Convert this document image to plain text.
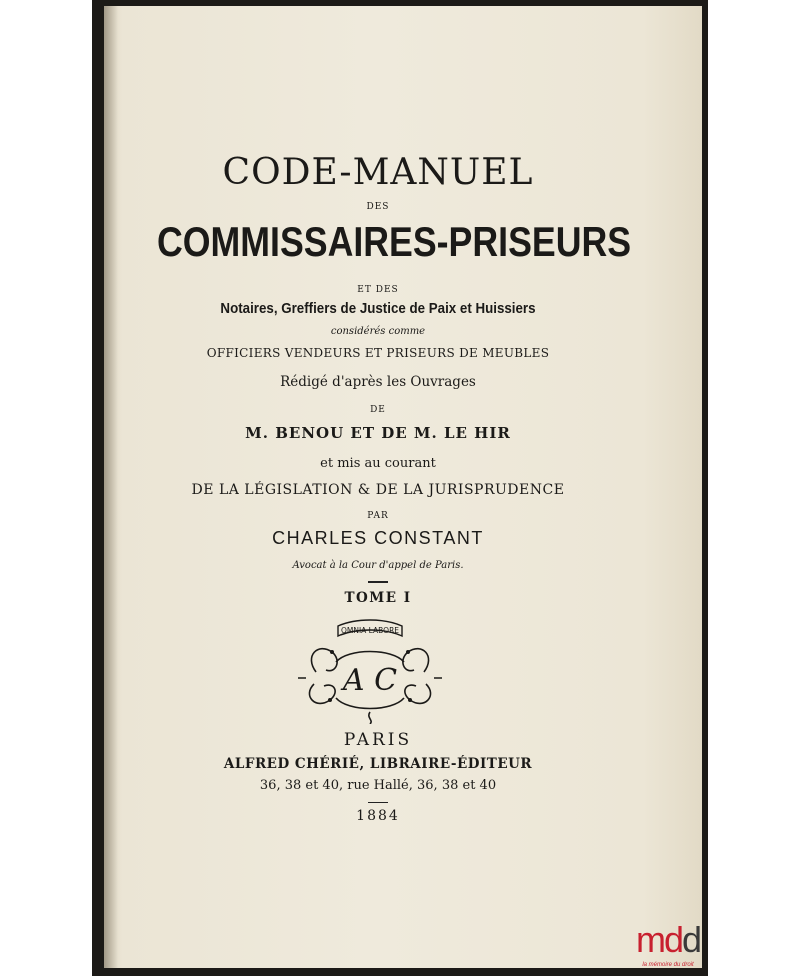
CODE-MANUEL
DES
COMMISSAIRES-PRISEURS
ET DES
Notaires, Greffiers de Justice de Paix et Huissiers
considérés comme
OFFICIERS VENDEURS ET PRISEURS DE MEUBLES
Rédigé d'après les Ouvrages
DE
M. BENOU ET DE M. LE HIR
et mis au courant
DE LA LÉGISLATION & DE LA JURISPRUDENCE
PAR
CHARLES CONSTANT
Avocat à la Cour d'appel de Paris.
TOME I
OMNIA LABORE
A C
PARIS
ALFRED CHÉRIÉ, LIBRAIRE-ÉDITEUR
36, 38 et 40, rue Hallé, 36, 38 et 40
1884
mdd
la mémoire du droit
